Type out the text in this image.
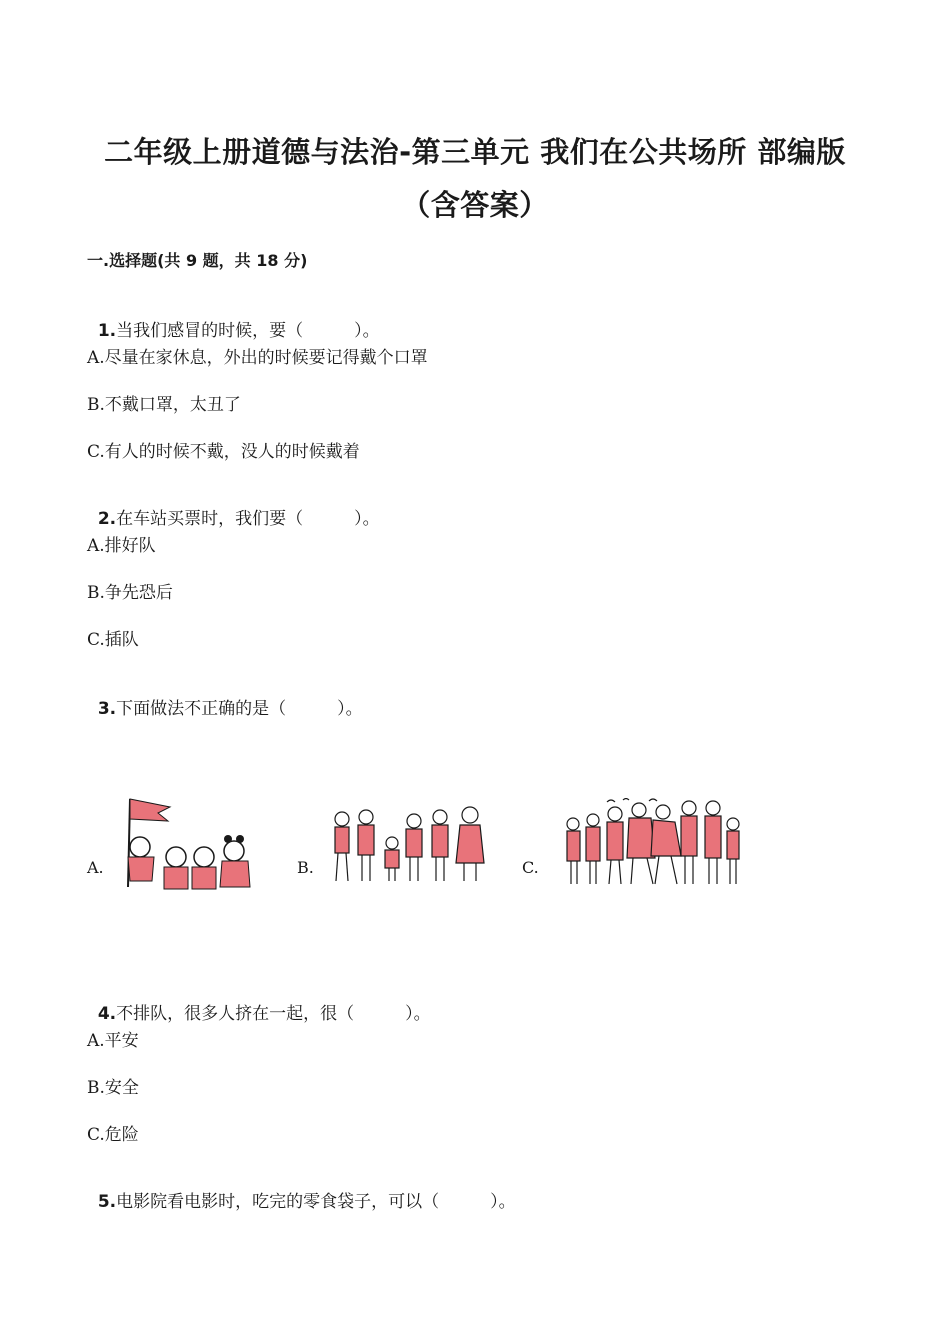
二年级上册道德与法治-第三单元 我们在公共场所 部编版
（含答案）
一.选择题(共 9 题，共 18 分)

1.当我们感冒的时候，要（　　　）。

A.尽量在家休息，外出的时候要记得戴个口罩
B.不戴口罩，太丑了
C.有人的时候不戴，没人的时候戴着

2.在车站买票时，我们要（　　　）。

A.排好队
B.争先恐后
C.插队

3.下面做法不正确的是（　　　）。

A.	B.	C.

4.不排队，很多人挤在一起，很（　　　）。

A.平安
B.安全
C.危险

5.电影院看电影时，吃完的零食袋子，可以（　　　）。
